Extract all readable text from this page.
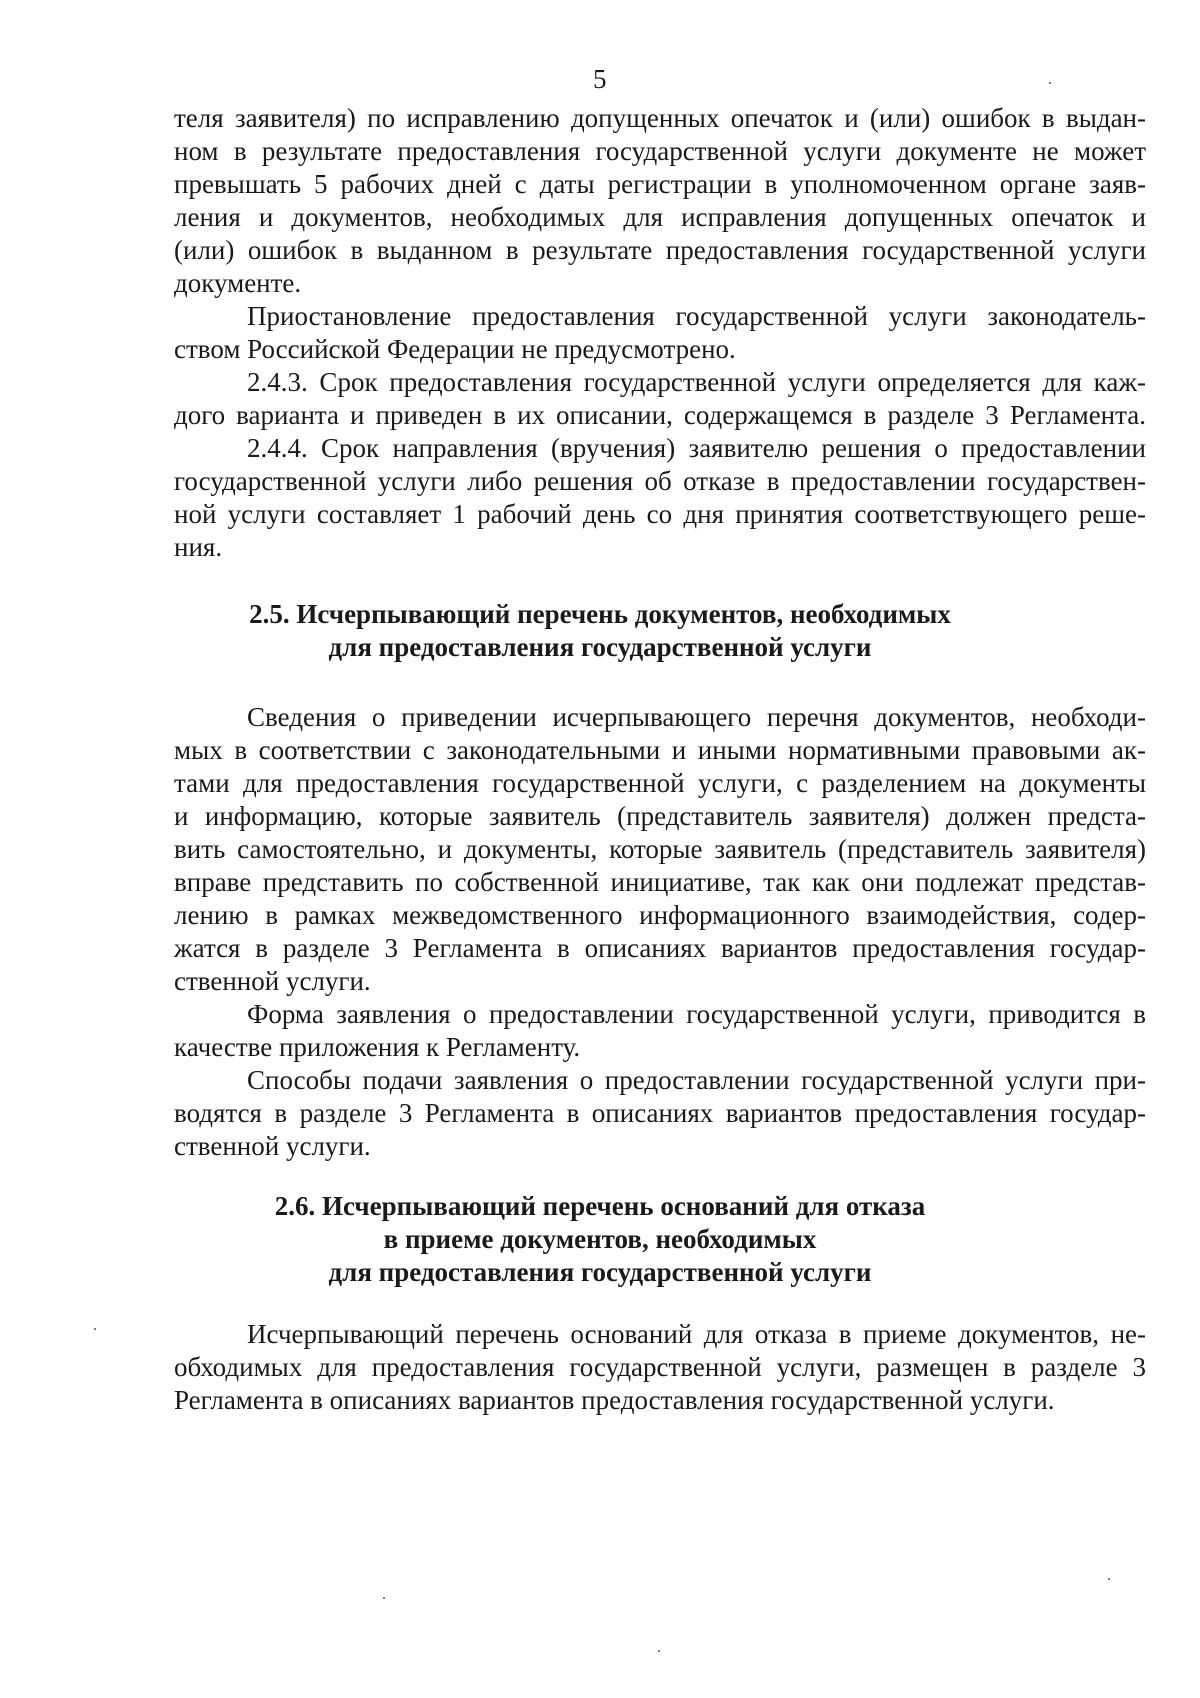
5
теля заявителя) по исправлению допущенных опечаток и (или) ошибок в выдан-
ном в результате предоставления государственной услуги документе не может
превышать 5 рабочих дней с даты регистрации в уполномоченном органе заяв-
ления и документов, необходимых для исправления допущенных опечаток и
(или) ошибок в выданном в результате предоставления государственной услуги
документе.
Приостановление предоставления государственной услуги законодатель-
ством Российской Федерации не предусмотрено.
2.4.3. Срок предоставления государственной услуги определяется для каж-
дого варианта и приведен в их описании, содержащемся в разделе 3 Регламента.
2.4.4. Срок направления (вручения) заявителю решения о предоставлении
государственной услуги либо решения об отказе в предоставлении государствен-
ной услуги составляет 1 рабочий день со дня принятия соответствующего реше-
ния.
2.5. Исчерпывающий перечень документов, необходимых
для предоставления государственной услуги
Сведения о приведении исчерпывающего перечня документов, необходи-
мых в соответствии с законодательными и иными нормативными правовыми ак-
тами для предоставления государственной услуги, с разделением на документы
и информацию, которые заявитель (представитель заявителя) должен предста-
вить самостоятельно, и документы, которые заявитель (представитель заявителя)
вправе представить по собственной инициативе, так как они подлежат представ-
лению в рамках межведомственного информационного взаимодействия, содер-
жатся в разделе 3 Регламента в описаниях вариантов предоставления государ-
ственной услуги.
Форма заявления о предоставлении государственной услуги, приводится в
качестве приложения к Регламенту.
Способы подачи заявления о предоставлении государственной услуги при-
водятся в разделе 3 Регламента в описаниях вариантов предоставления государ-
ственной услуги.
2.6. Исчерпывающий перечень оснований для отказа
в приеме документов, необходимых
для предоставления государственной услуги
Исчерпывающий перечень оснований для отказа в приеме документов, не-
обходимых для предоставления государственной услуги, размещен в разделе 3
Регламента в описаниях вариантов предоставления государственной услуги.
